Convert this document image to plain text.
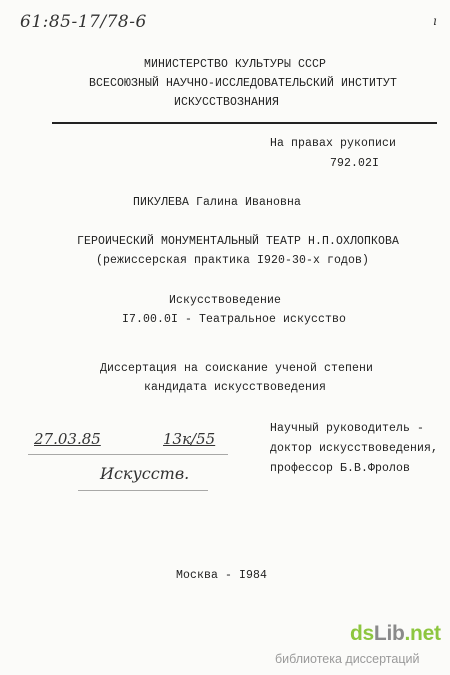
61:85-17/78-6	ı
МИНИСТЕРСТВО КУЛЬТУРЫ СССР
ВСЕСОЮЗНЫЙ НАУЧНО-ИССЛЕДОВАТЕЛЬСКИЙ ИНСТИТУТ
ИСКУССТВОЗНАНИЯ
На правах рукописи
792.02I
ПИКУЛЕВА Галина Ивановна
ГЕРОИЧЕСКИЙ МОНУМЕНТАЛЬНЫЙ ТЕАТР Н.П.ОХЛОПКОВА
(режиссерская практика I920-30-х годов)
Искусствоведение
I7.00.0I - Театральное искусство
Диссертация на соискание ученой степени
кандидата искусствоведения
27.03.85	13к/55
Искусств.
Научный руководитель -
доктор искусствоведения,
профессор Б.В.Фролов
Москва - I984
dsLib.net
библиотека диссертаций
